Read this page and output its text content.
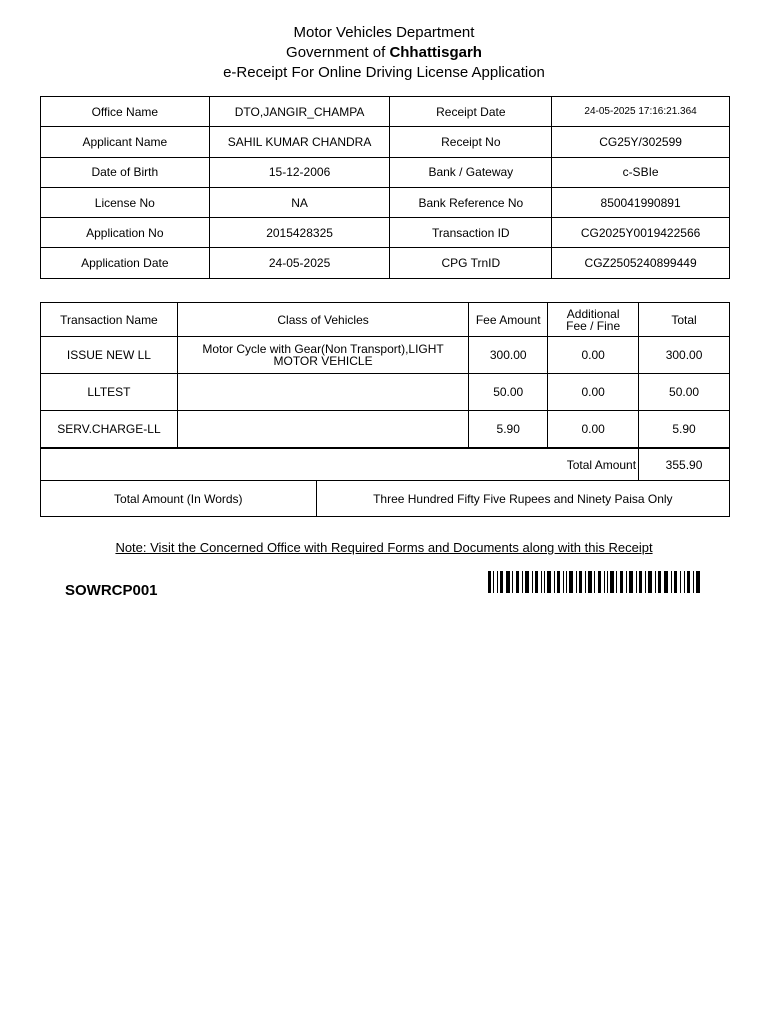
Motor Vehicles Department
Government of Chhattisgarh
e-Receipt For Online Driving License Application
Office Name	DTO,JANGIR_CHAMPA	Receipt Date	24-05-2025 17:16:21.364
Applicant Name	SAHIL KUMAR CHANDRA	Receipt No	CG25Y/302599
Date of Birth	15-12-2006	Bank / Gateway	c-SBIe
License No	NA	Bank Reference No	850041990891
Application No	2015428325	Transaction ID	CG2025Y0019422566
Application Date	24-05-2025	CPG TrnID	CGZ2505240899449
Transaction Name	Class of Vehicles	Fee Amount	Additional Fee / Fine	Total
ISSUE NEW LL	Motor Cycle with Gear(Non Transport),LIGHT MOTOR VEHICLE	300.00	0.00	300.00
LLTEST		50.00	0.00	50.00
SERV.CHARGE-LL		5.90	0.00	5.90
Total Amount	355.90
Total Amount (In Words)	Three Hundred Fifty Five Rupees and Ninety Paisa Only
Note: Visit the Concerned Office with Required Forms and Documents along with this Receipt
SOWRCP001
